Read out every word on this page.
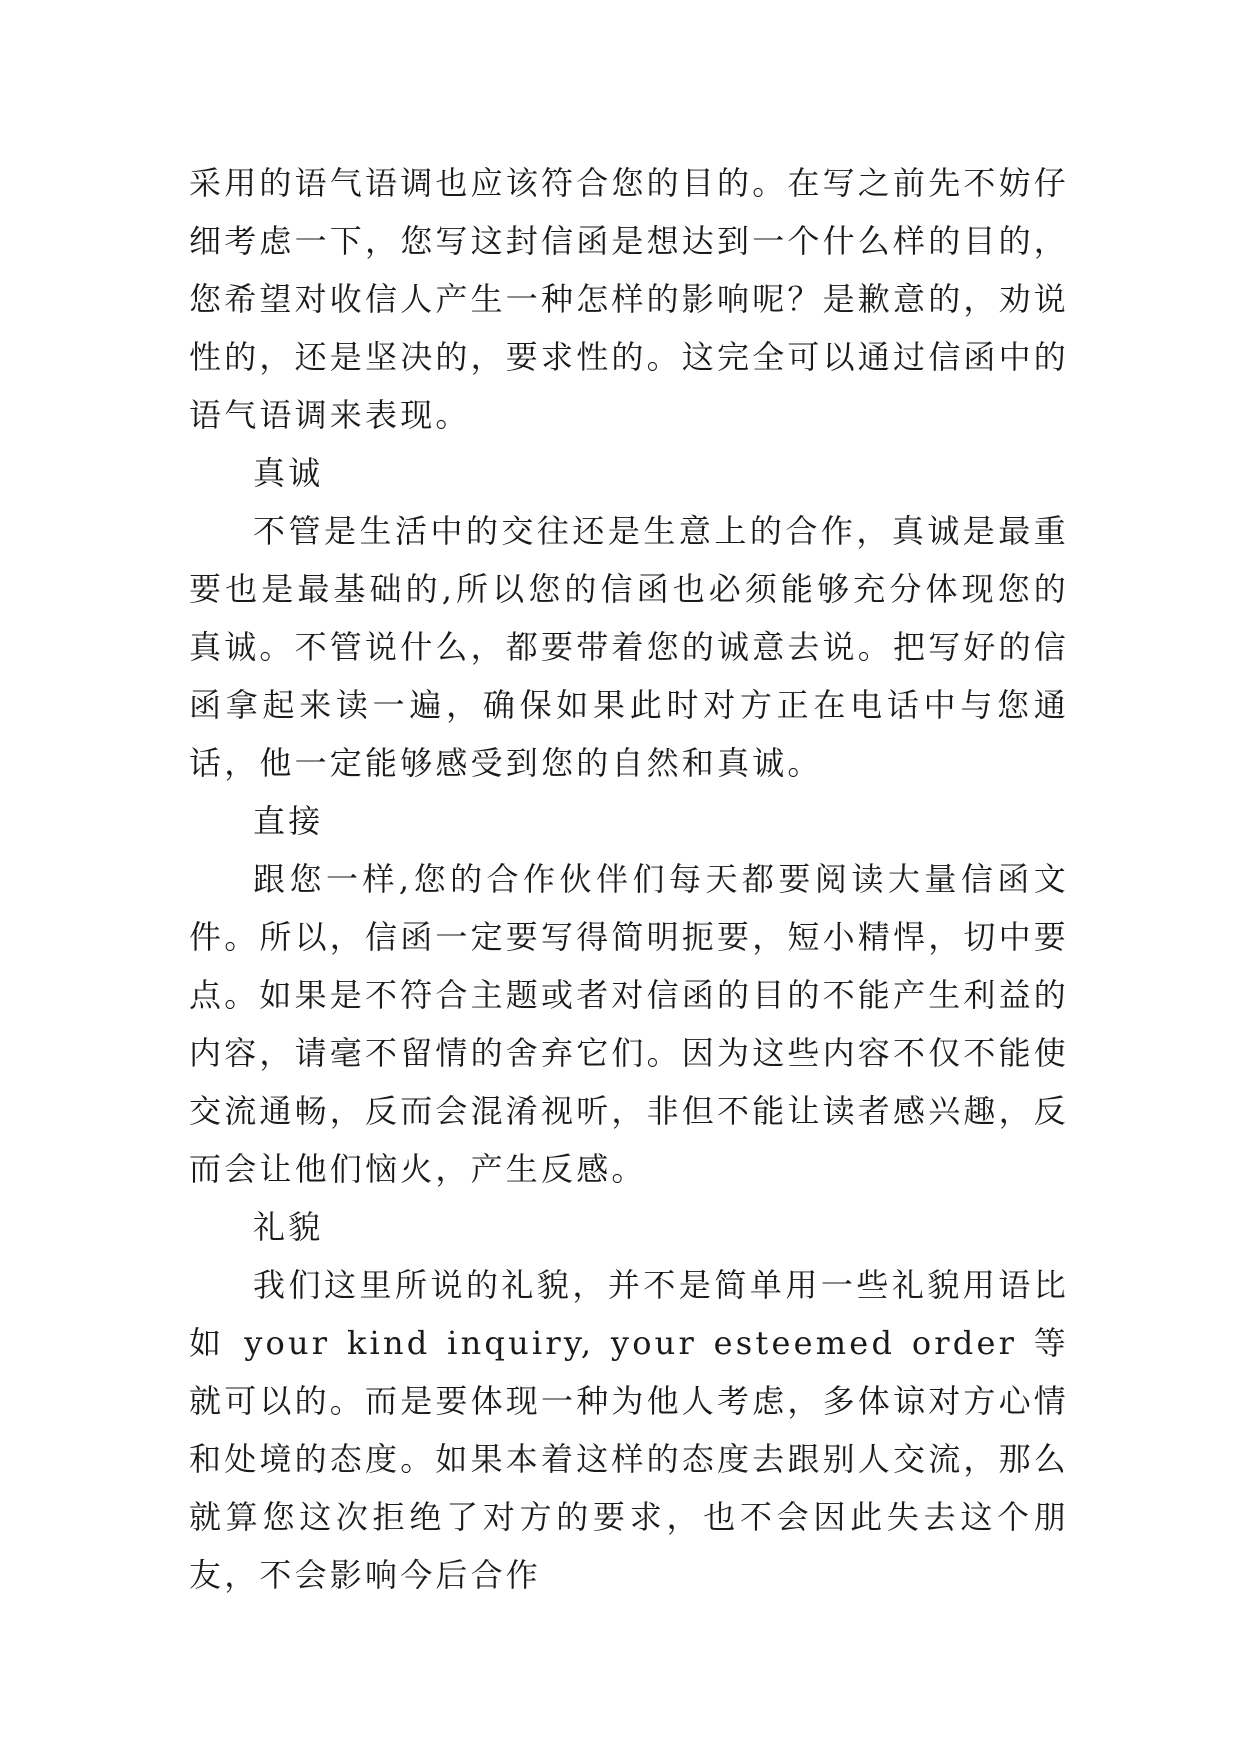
采用的语气语调也应该符合您的目的。在写之前先不妨仔细考虑一下，您写这封信函是想达到一个什么样的目的，您希望对收信人产生一种怎样的影响呢？是歉意的，劝说性的，还是坚决的，要求性的。这完全可以通过信函中的语气语调来表现。

真诚

不管是生活中的交往还是生意上的合作，真诚是最重要也是最基础的,所以您的信函也必须能够充分体现您的真诚。不管说什么，都要带着您的诚意去说。把写好的信函拿起来读一遍，确保如果此时对方正在电话中与您通话，他一定能够感受到您的自然和真诚。

直接

跟您一样,您的合作伙伴们每天都要阅读大量信函文件。所以，信函一定要写得简明扼要，短小精悍，切中要点。如果是不符合主题或者对信函的目的不能产生利益的内容，请毫不留情的舍弃它们。因为这些内容不仅不能使交流通畅，反而会混淆视听，非但不能让读者感兴趣，反而会让他们恼火，产生反感。

礼貌

我们这里所说的礼貌，并不是简单用一些礼貌用语比如 your kind inquiry, your esteemed order 等就可以的。而是要体现一种为他人考虑，多体谅对方心情和处境的态度。如果本着这样的态度去跟别人交流，那么就算您这次拒绝了对方的要求，也不会因此失去这个朋友，不会影响今后合作
